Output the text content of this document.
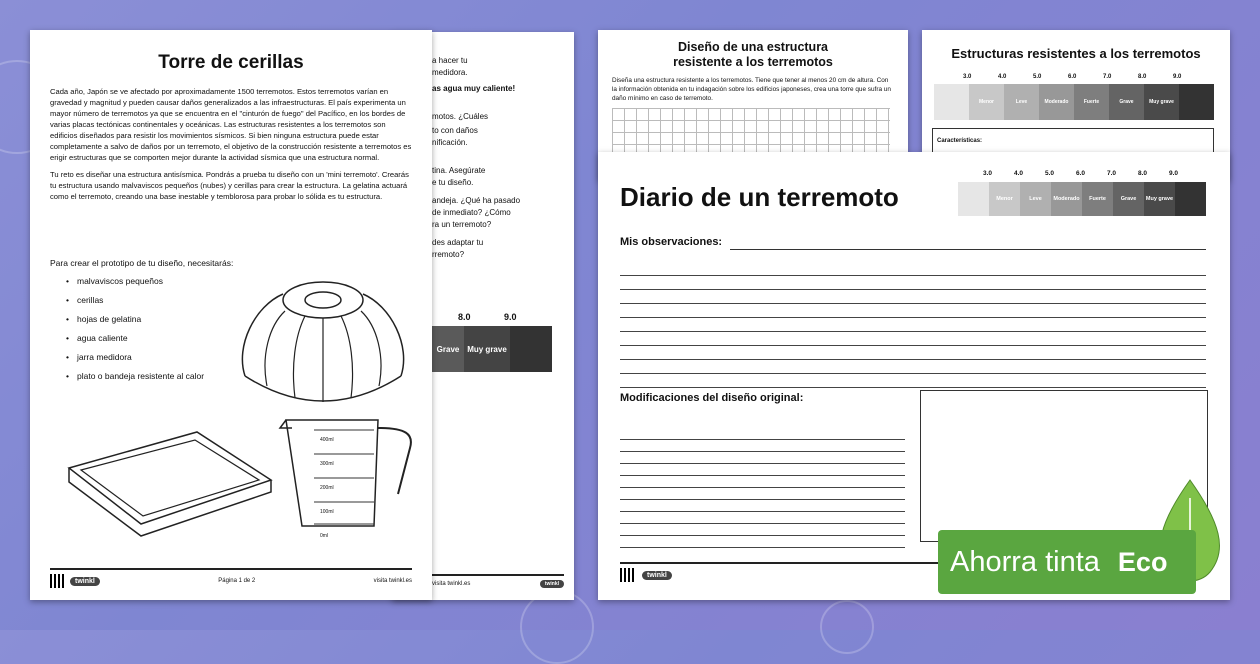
a hacer tu
medidora.
as agua muy caliente!
motos. ¿Cuáles
to con daños
nificación.
tina. Asegúrate
e tu diseño.
andeja. ¿Qué ha pasado
de inmediato? ¿Cómo
ra un terremoto?
des adaptar tu
rremoto?
8.0	9.0
Grave Muy grave
visita twinkl.es	twinkl
Torre de cerillas
Cada año, Japón se ve afectado por aproximadamente 1500 terremotos. Estos terremotos varían en gravedad y magnitud y pueden causar daños generalizados a las infraestructuras. El país experimenta un mayor número de terremotos ya que se encuentra en el "cinturón de fuego" del Pacífico, en los bordes de varias placas tectónicas continentales y oceánicas. Las estructuras resistentes a los terremotos son edificios diseñados para resistir los movimientos sísmicos. Si bien ninguna estructura puede estar completamente a salvo de daños por un terremoto, el objetivo de la construcción resistente a terremotos es erigir estructuras que se comporten mejor durante la actividad sísmica que una estructura normal.
Tu reto es diseñar una estructura antisísmica. Pondrás a prueba tu diseño con un 'mini terremoto'. Crearás tu estructura usando malvaviscos pequeños (nubes) y cerillas para crear la estructura. La gelatina actuará como el terremoto, creando una base inestable y temblorosa para probar lo sólida es tu estructura.
Para crear el prototipo de tu diseño, necesitarás:
• malvaviscos pequeños
• cerillas
• hojas de gelatina
• agua caliente
• jarra medidora
• plato o bandeja resistente al calor
400ml
300ml
200ml
100ml
0ml
twinkl	Página 1 de 2	visita twinkl.es
Diseño de una estructura resistente a los terremotos
Diseña una estructura resistente a los terremotos. Tiene que tener al menos 20 cm de altura. Con la información obtenida en tu indagación sobre los edificios japoneses, crea una torre que sufra un daño mínimo en caso de terremoto.
Estructuras resistentes a los terremotos
3.0	4.0	5.0	6.0	7.0	8.0	9.0
Menor	Leve	Moderado	Fuerte	Grave	Muy grave
Características:
Diario de un terremoto
3.0	4.0	5.0	6.0	7.0	8.0	9.0
Menor	Leve	Moderado	Fuerte	Grave	Muy grave
Mis observaciones:
Modificaciones del diseño original:
twinkl	Ahorra tinta Eco
